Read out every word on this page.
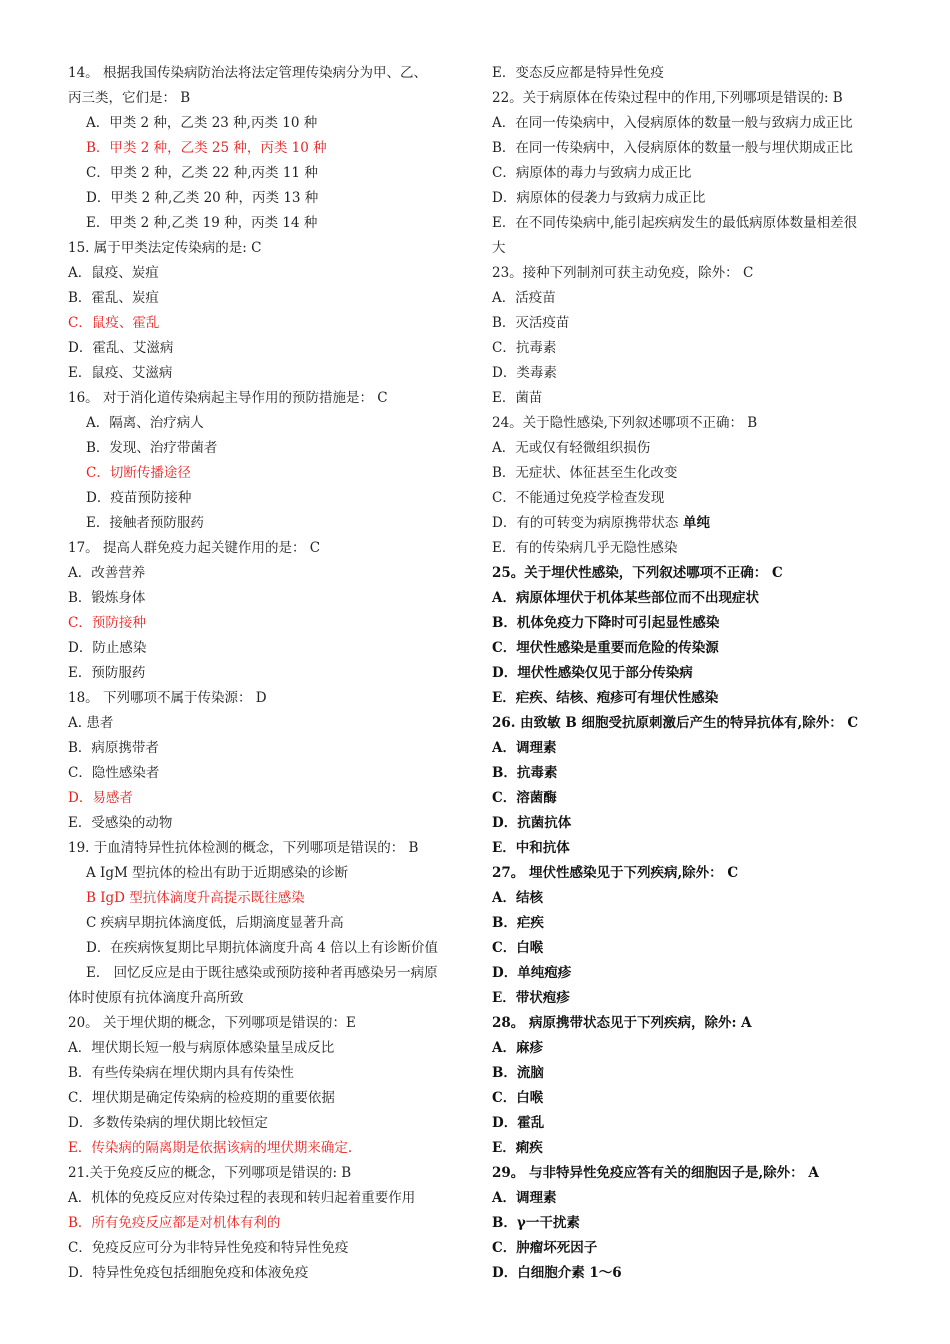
14。 根据我国传染病防治法将法定管理传染病分为甲、乙、
丙三类，它们是： B
A．甲类 2 种，乙类 23 种,丙类 10 种
B．甲类 2 种，乙类 25 种，丙类 10 种
C．甲类 2 种，乙类 22 种,丙类 11 种
D．甲类 2 种,乙类 20 种，丙类 13 种
E．甲类 2 种,乙类 19 种，丙类 14 种
15. 属于甲类法定传染病的是: C
A．鼠疫、炭疽
B．霍乱、炭疽
C．鼠疫、霍乱
D．霍乱、艾滋病
E．鼠疫、艾滋病
16。 对于消化道传染病起主导作用的预防措施是： C
A．隔离、治疗病人
B．发现、治疗带菌者
C．切断传播途径
D．疫苗预防接种
E．接触者预防服药
17。 提高人群免疫力起关键作用的是： C
A．改善营养
B．锻炼身体
C．预防接种
D．防止感染
E．预防服药
18。 下列哪项不属于传染源： D
A. 患者
B．病原携带者
C．隐性感染者
D．易感者
E．受感染的动物
19. 于血清特异性抗体检测的概念，下列哪项是错误的： B
A IgM 型抗体的检出有助于近期感染的诊断
B IgD 型抗体滴度升高提示既往感染
C 疾病早期抗体滴度低，后期滴度显著升高
D．在疾病恢复期比早期抗体滴度升高 4 倍以上有诊断价值
E． 回忆反应是由于既往感染或预防接种者再感染另一病原
体时使原有抗体滴度升高所致
20。 关于埋伏期的概念，下列哪项是错误的：E
A．埋伏期长短一般与病原体感染量呈成反比
B．有些传染病在埋伏期内具有传染性
C．埋伏期是确定传染病的检疫期的重要依据
D．多数传染病的埋伏期比较恒定
E．传染病的隔离期是依据该病的埋伏期来确定.
21.关于免疫反应的概念，下列哪项是错误的: B
A．机体的免疫反应对传染过程的表现和转归起着重要作用
B．所有免疫反应都是对机体有利的
C．免疫反应可分为非特异性免疫和特异性免疫
D．特异性免疫包括细胞免疫和体液免疫
E．变态反应都是特异性免疫
22。关于病原体在传染过程中的作用,下列哪项是错误的: B
A．在同一传染病中，入侵病原体的数量一般与致病力成正比
B．在同一传染病中，入侵病原体的数量一般与埋伏期成正比
C．病原体的毒力与致病力成正比
D．病原体的侵袭力与致病力成正比
E．在不同传染病中,能引起疾病发生的最低病原体数量相差很
大
23。接种下列制剂可获主动免疫，除外： C
A．活疫苗
B．灭活疫苗
C．抗毒素
D．类毒素
E．菌苗
24。关于隐性感染,下列叙述哪项不正确： B
A．无或仅有轻微组织损伤
B．无症状、体征甚至生化改变
C．不能通过免疫学检查发现
D．有的可转变为病原携带状态 单纯
E．有的传染病几乎无隐性感染
25。关于埋伏性感染，下列叙述哪项不正确： C
A．病原体埋伏于机体某些部位而不出现症状
B．机体免疫力下降时可引起显性感染
C．埋伏性感染是重要而危险的传染源
D．埋伏性感染仅见于部分传染病
E．疟疾、结核、疱疹可有埋伏性感染
26. 由致敏 B 细胞受抗原刺激后产生的特异抗体有,除外： C
A．调理素
B．抗毒素
C．溶菌酶
D．抗菌抗体
E．中和抗体
27。 埋伏性感染见于下列疾病,除外： C
A．结核
B．疟疾
C．白喉
D．单纯疱疹
E．带状疱疹
28。 病原携带状态见于下列疾病，除外: A
A．麻疹
B．流脑
C．白喉
D．霍乱
E．痢疾
29。 与非特异性免疫应答有关的细胞因子是,除外： A
A．调理素
B．γ一干扰素
C．肿瘤坏死因子
D．白细胞介素 1～6
